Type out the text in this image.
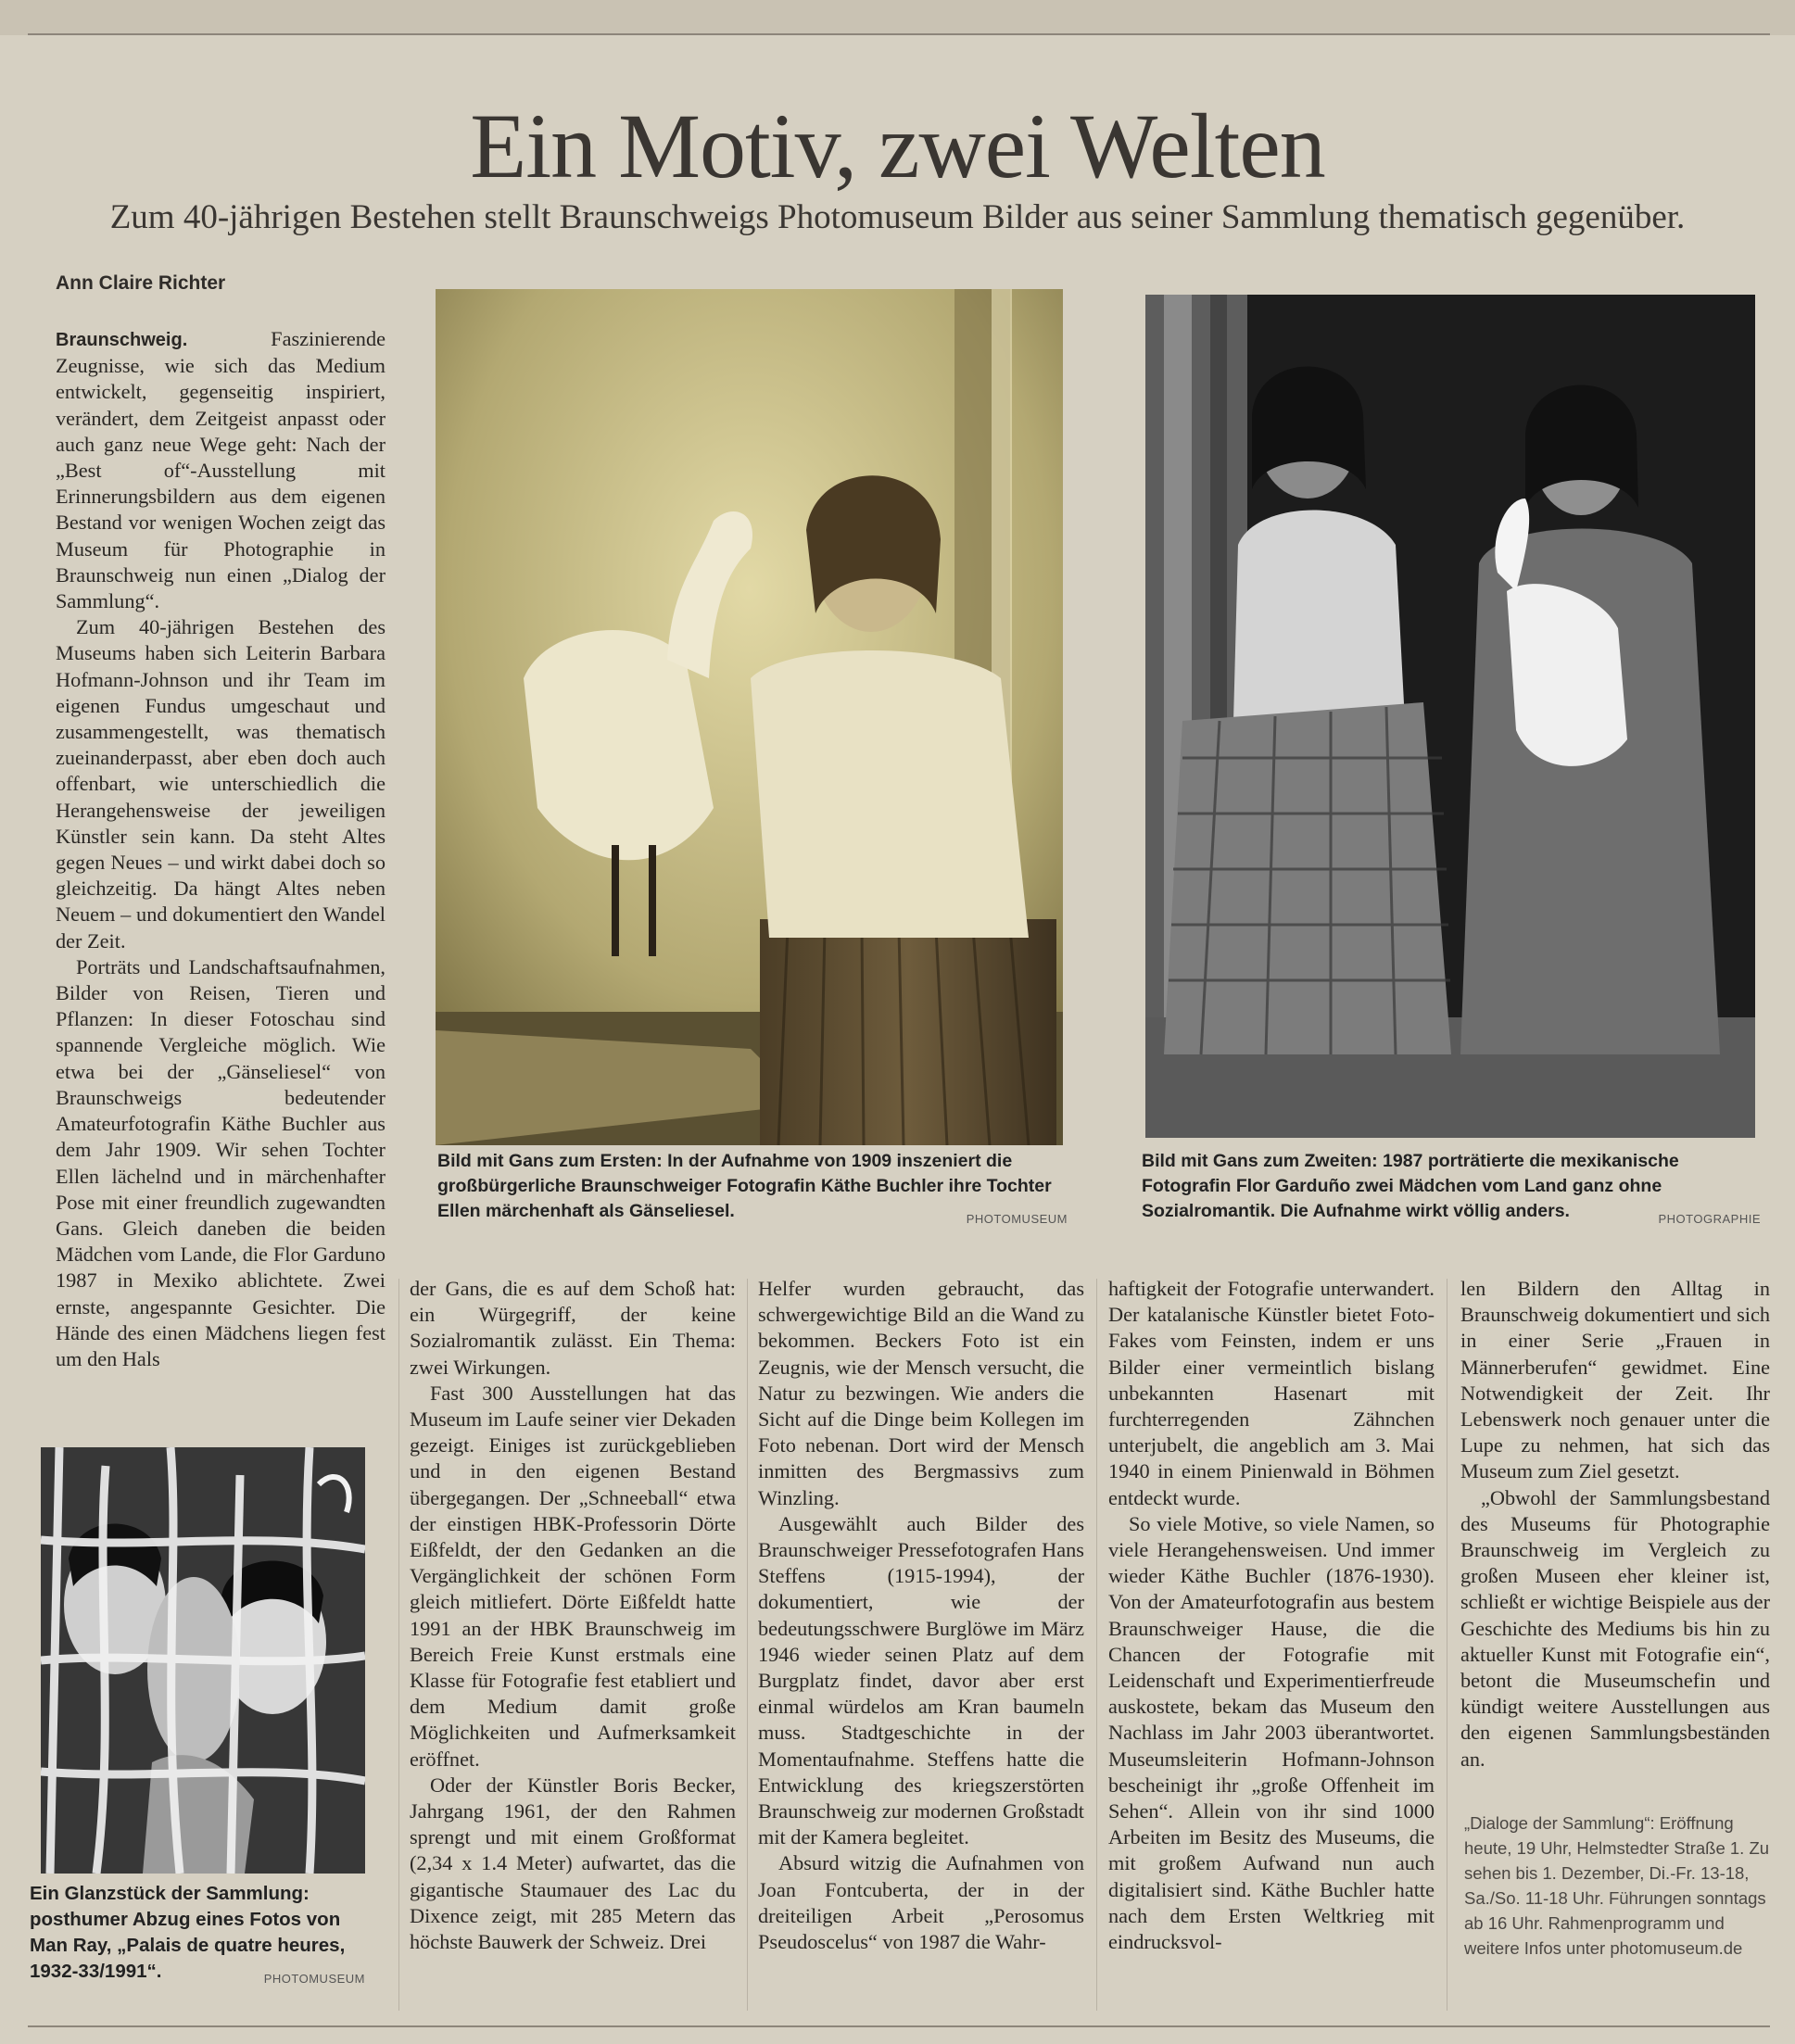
Ein Motiv, zwei Welten
Zum 40-jährigen Bestehen stellt Braunschweigs Photomuseum Bilder aus seiner Sammlung thematisch gegenüber.
Ann Claire Richter

Braunschweig.	Faszinierende Zeugnisse, wie sich das Medium entwickelt, gegenseitig inspiriert, verändert, dem Zeitgeist anpasst oder auch ganz neue Wege geht: Nach der „Best of“-Ausstellung mit Erinnerungsbildern aus dem eigenen Bestand vor wenigen Wochen zeigt das Museum für Photographie in Braunschweig nun einen „Dialog der Sammlung“.

Zum 40-jährigen Bestehen des Museums haben sich Leiterin Barbara Hofmann-Johnson und ihr Team im eigenen Fundus umgeschaut und zusammengestellt, was thematisch zueinanderpasst, aber eben doch auch offenbart, wie unterschiedlich die Herangehensweise der jeweiligen Künstler sein kann. Da steht Altes gegen Neues – und wirkt dabei doch so gleichzeitig. Da hängt Altes neben Neuem – und dokumentiert den Wandel der Zeit.

Porträts und Landschaftsaufnahmen, Bilder von Reisen, Tieren und Pflanzen: In dieser Fotoschau sind spannende Vergleiche möglich. Wie etwa bei der „Gänseliesel“ von Braunschweigs bedeutender Amateurfotografin Käthe Buchler aus dem Jahr 1909. Wir sehen Tochter Ellen lächelnd und in märchenhafter Pose mit einer freundlich zugewandten Gans. Gleich daneben die beiden Mädchen vom Lande, die Flor Garduno 1987 in Mexiko ablichtete. Zwei ernste, angespannte Gesichter. Die Hände des einen Mädchens liegen fest um den Hals

Bild mit Gans zum Ersten: In der Aufnahme von 1909 inszeniert die großbürgerliche Braunschweiger Fotografin Käthe Buchler ihre Tochter Ellen märchenhaft als Gänseliesel.	PHOTOMUSEUM
Bild mit Gans zum Zweiten: 1987 porträtierte die mexikanische Fotografin Flor Garduño zwei Mädchen vom Land ganz ohne Sozialromantik. Die Aufnahme wirkt völlig anders.	PHOTOGRAPHIE
Ein Glanzstück der Sammlung: posthumer Abzug eines Fotos von Man Ray, „Palais de quatre heures, 1932-33/1991“.	PHOTOMUSEUM

der Gans, die es auf dem Schoß hat: ein Würgegriff, der keine Sozialromantik zulässt. Ein Thema: zwei Wirkungen.

Fast 300 Ausstellungen hat das Museum im Laufe seiner vier Dekaden gezeigt. Einiges ist zurückgeblieben und in den eigenen Bestand übergegangen. Der „Schneeball“ etwa der einstigen HBK-Professorin Dörte Eißfeldt, der den Gedanken an die Vergänglichkeit der schönen Form gleich mitliefert. Dörte Eißfeldt hatte 1991 an der HBK Braunschweig im Bereich Freie Kunst erstmals eine Klasse für Fotografie fest etabliert und dem Medium damit große Möglichkeiten und Aufmerksamkeit eröffnet.

Oder der Künstler Boris Becker, Jahrgang 1961, der den Rahmen sprengt und mit einem Großformat (2,34 x 1.4 Meter) aufwartet, das die gigantische Staumauer des Lac du Dixence zeigt, mit 285 Metern das höchste Bauwerk der Schweiz. Drei

Helfer wurden gebraucht, das schwergewichtige Bild an die Wand zu bekommen. Beckers Foto ist ein Zeugnis, wie der Mensch versucht, die Natur zu bezwingen. Wie anders die Sicht auf die Dinge beim Kollegen im Foto nebenan. Dort wird der Mensch inmitten des Bergmassivs zum Winzling.

Ausgewählt auch Bilder des Braunschweiger Pressefotografen Hans Steffens (1915-1994), der dokumentiert, wie der bedeutungsschwere Burglöwe im März 1946 wieder seinen Platz auf dem Burgplatz findet, davor aber erst einmal würdelos am Kran baumeln muss. Stadtgeschichte in der Momentaufnahme. Steffens hatte die Entwicklung des kriegszerstörten Braunschweig zur modernen Großstadt mit der Kamera begleitet.

Absurd witzig die Aufnahmen von Joan Fontcuberta, der in der dreiteiligen Arbeit „Perosomus Pseudoscelus“ von 1987 die Wahr-

haftigkeit der Fotografie unterwandert. Der katalanische Künstler bietet Foto-Fakes vom Feinsten, indem er uns Bilder einer vermeintlich bislang unbekannten Hasenart mit furchterregenden Zähnchen unterjubelt, die angeblich am 3. Mai 1940 in einem Pinienwald in Böhmen entdeckt wurde.

So viele Motive, so viele Namen, so viele Herangehensweisen. Und immer wieder Käthe Buchler (1876-1930). Von der Amateurfotografin aus bestem Braunschweiger Hause, die die Chancen der Fotografie mit Leidenschaft und Experimentierfreude auskostete, bekam das Museum den Nachlass im Jahr 2003 überantwortet. Museumsleiterin Hofmann-Johnson bescheinigt ihr „große Offenheit im Sehen“. Allein von ihr sind 1000 Arbeiten im Besitz des Museums, die mit großem Aufwand nun auch digitalisiert sind. Käthe Buchler hatte nach dem Ersten Weltkrieg mit eindrucksvol-

len Bildern den Alltag in Braunschweig dokumentiert und sich in einer Serie „Frauen in Männerberufen“ gewidmet. Eine Notwendigkeit der Zeit. Ihr Lebenswerk noch genauer unter die Lupe zu nehmen, hat sich das Museum zum Ziel gesetzt.

„Obwohl der Sammlungsbestand des Museums für Photographie Braunschweig im Vergleich zu großen Museen eher kleiner ist, schließt er wichtige Beispiele aus der Geschichte des Mediums bis hin zu aktueller Kunst mit Fotografie ein“, betont die Museumschefin und kündigt weitere Ausstellungen aus den eigenen Sammlungsbeständen an.

„Dialoge der Sammlung“: Eröffnung heute, 19 Uhr, Helmstedter Straße 1. Zu sehen bis 1. Dezember, Di.-Fr. 13-18, Sa./So. 11-18 Uhr. Führungen sonntags ab 16 Uhr. Rahmenprogramm und weitere Infos unter photomuseum.de
